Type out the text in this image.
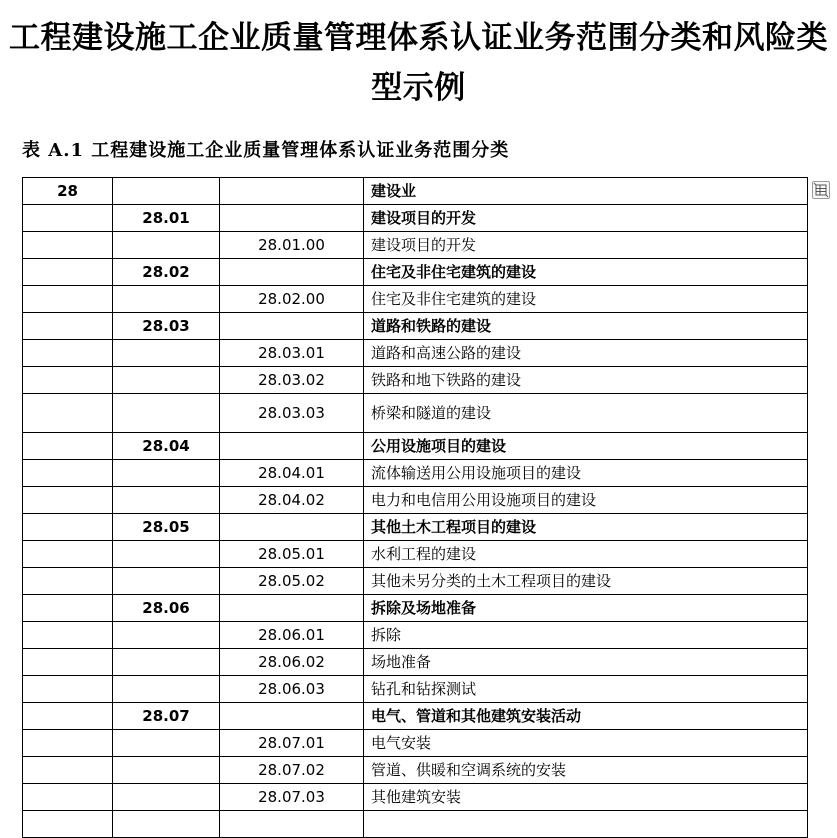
工程建设施工企业质量管理体系认证业务范围分类和风险类
型示例
表 A.1 工程建设施工企业质量管理体系认证业务范围分类
28			建设业
	28.01		建设项目的开发
		28.01.00	建设项目的开发
	28.02		住宅及非住宅建筑的建设
		28.02.00	住宅及非住宅建筑的建设
	28.03		道路和铁路的建设
		28.03.01	道路和高速公路的建设
		28.03.02	铁路和地下铁路的建设
		28.03.03	桥梁和隧道的建设
	28.04		公用设施项目的建设
		28.04.01	流体输送用公用设施项目的建设
		28.04.02	电力和电信用公用设施项目的建设
	28.05		其他土木工程项目的建设
		28.05.01	水利工程的建设
		28.05.02	其他未另分类的土木工程项目的建设
	28.06		拆除及场地准备
		28.06.01	拆除
		28.06.02	场地准备
		28.06.03	钻孔和钻探测试
	28.07		电气、管道和其他建筑安装活动
		28.07.01	电气安装
		28.07.02	管道、供暖和空调系统的安装
		28.07.03	其他建筑安装
